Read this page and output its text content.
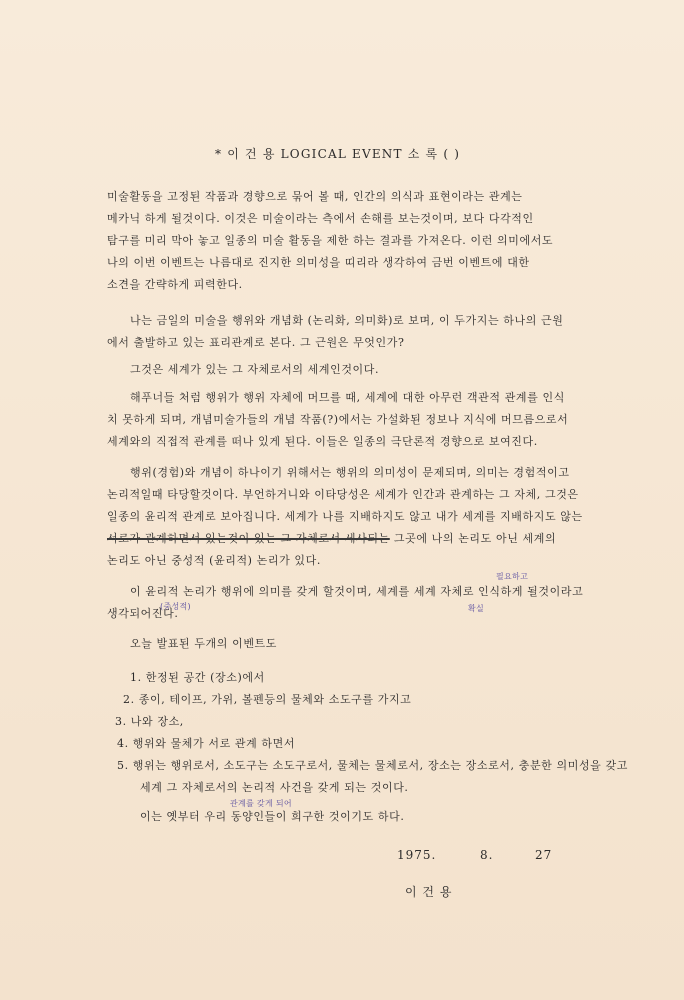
* 이 건 용 LOGICAL EVENT 소 록 ( )
미술활동을 고정된 작품과 경향으로 묶어 볼 때, 인간의 의식과 표현이라는 관계는
메카닉 하게 될것이다. 이것은 미술이라는 측에서 손해를 보는것이며, 보다 다각적인
탐구를 미리 막아 놓고 일종의 미술 활동을 제한 하는 결과를 가져온다. 이런 의미에서도
나의 이번 이벤트는 나름대로 진지한 의미성을 띠리라 생각하여 금번 이벤트에 대한
소견을 간략하게 피력한다.
나는 금일의 미술을 행위와 개념화 (논리화, 의미화)로 보며, 이 두가지는 하나의 근원
에서 출발하고 있는 표리관계로 본다. 그 근원은 무엇인가?
그것은 세계가 있는 그 자체로서의 세계인것이다.
해푸너들 처럼 행위가 행위 자체에 머므를 때, 세계에 대한 아무런 객관적 관계를 인식
치 못하게 되며, 개념미술가들의 개념 작품(?)에서는 가설화된 정보나 지식에 머므름으로서
세계와의 직접적 관계를 떠나 있게 된다. 이들은 일종의 극단론적 경향으로 보여진다.
행위(경험)와 개념이 하나이기 위해서는 행위의 의미성이 문제되며, 의미는 경험적이고
논리적일때 타당할것이다. 부언하거니와 이타당성은 세계가 인간과 관계하는 그 자체, 그것은
일종의 윤리적 관계로 보아집니다. 세계가 나를 지배하지도 않고 내가 세계를 지배하지도 않는
서로가 관계하면서 있는것이 있는 그 자체로서 세사되는 그곳에 나의 논리도 아닌 세계의
논리도 아닌 중성적 (윤리적) 논리가 있다.
필요하고
이 윤리적 논리가 행위에 의미를 갖게 할것이며, 세계를 세계 자체로 인식하게 될것이라고
(중성적)	확실
생각되어진다.
오늘 발표된 두개의 이벤트도
1. 한정된 공간 (장소)에서
2. 종이, 테이프, 가위, 볼펜등의 물체와 소도구를 가지고
3. 나와 장소,
4. 행위와 물체가 서로 관계 하면서
5. 행위는 행위로서, 소도구는 소도구로서, 물체는 물체로서, 장소는 장소로서, 충분한 의미성을 갖고
세계 그 자체로서의 논리적 사건을 갖게 되는 것이다.
관계를 갖게 되어
이는 옛부터 우리 동양인들이 희구한 것이기도 하다.
1975.	8.	27
이 건 용
